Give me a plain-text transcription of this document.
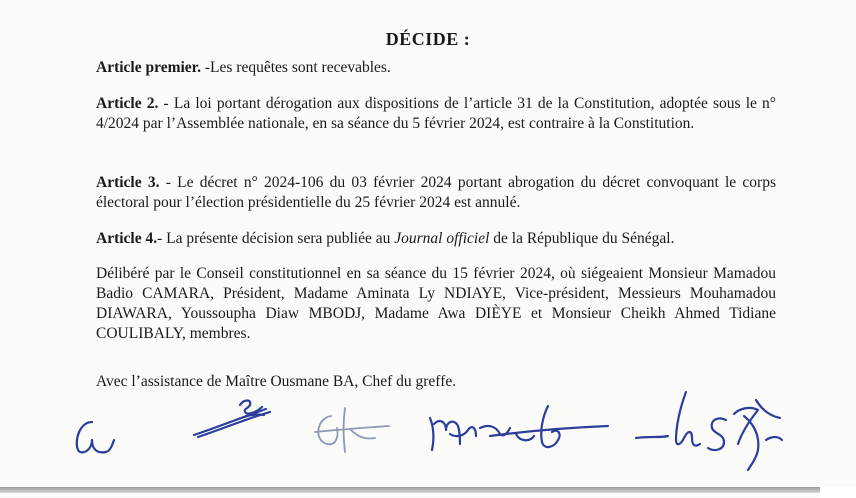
DÉCIDE :
Article premier. -Les requêtes sont recevables.
Article 2. - La loi portant dérogation aux dispositions de l’article 31 de la Constitution, adoptée sous le n° 4/2024 par l’Assemblée nationale, en sa séance du 5 février 2024, est contraire à la Constitution.
Article 3. - Le décret n° 2024-106 du 03 février 2024 portant abrogation du décret convoquant le corps électoral pour l’élection présidentielle du 25 février 2024 est annulé.
Article 4.- La présente décision sera publiée au Journal officiel de la République du Sénégal.
Délibéré par le Conseil constitutionnel en sa séance du 15 février 2024, où siégeaient Monsieur Mamadou Badio CAMARA, Président, Madame Aminata Ly NDIAYE, Vice-président, Messieurs Mouhamadou DIAWARA, Youssoupha Diaw MBODJ, Madame Awa DIÈYE et Monsieur Cheikh Ahmed Tidiane COULIBALY, membres.
Avec l’assistance de Maître Ousmane BA, Chef du greffe.
